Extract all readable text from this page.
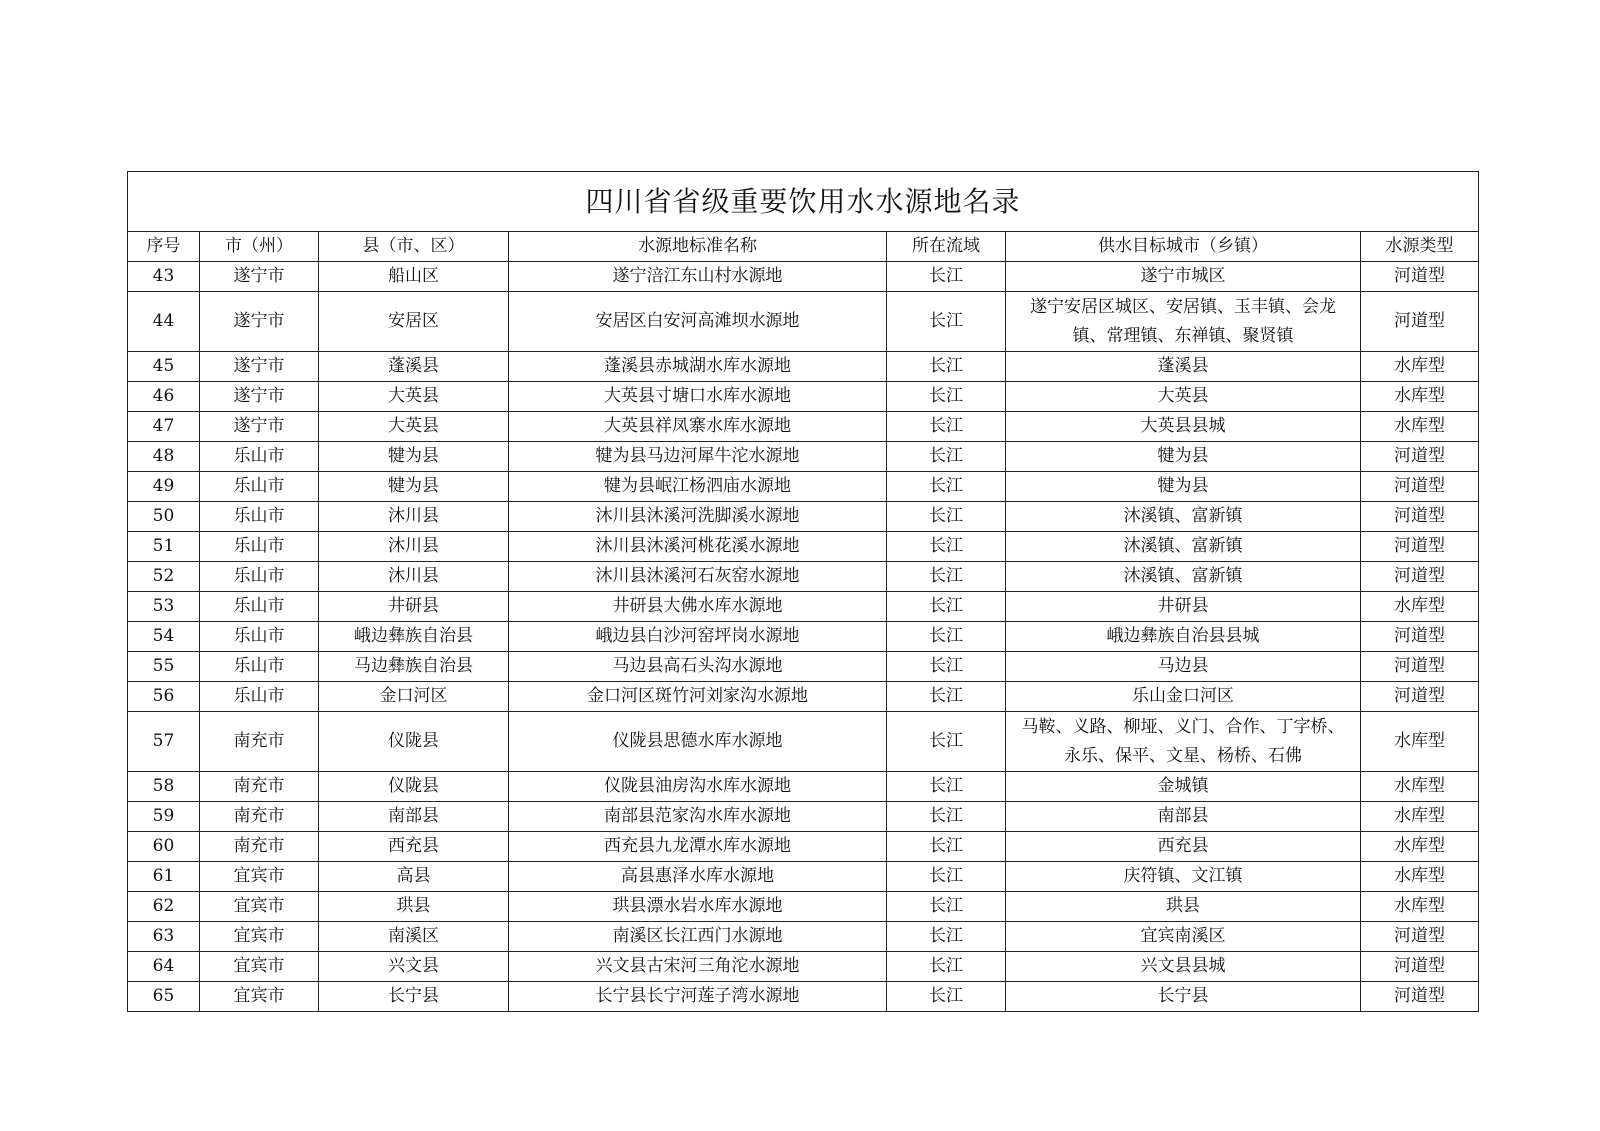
四川省省级重要饮用水水源地名录						
序号	市（州）	县（市、区）	水源地标准名称	所在流域	供水目标城市（乡镇）	水源类型
43	遂宁市	船山区	遂宁涪江东山村水源地	长江	遂宁市城区	河道型
44	遂宁市	安居区	安居区白安河高滩坝水源地	长江	遂宁安居区城区、安居镇、玉丰镇、会龙
镇、常理镇、东禅镇、聚贤镇	河道型
45	遂宁市	蓬溪县	蓬溪县赤城湖水库水源地	长江	蓬溪县	水库型
46	遂宁市	大英县	大英县寸塘口水库水源地	长江	大英县	水库型
47	遂宁市	大英县	大英县祥凤寨水库水源地	长江	大英县县城	水库型
48	乐山市	犍为县	犍为县马边河犀牛沱水源地	长江	犍为县	河道型
49	乐山市	犍为县	犍为县岷江杨泗庙水源地	长江	犍为县	河道型
50	乐山市	沐川县	沐川县沐溪河洗脚溪水源地	长江	沐溪镇、富新镇	河道型
51	乐山市	沐川县	沐川县沐溪河桃花溪水源地	长江	沐溪镇、富新镇	河道型
52	乐山市	沐川县	沐川县沐溪河石灰窑水源地	长江	沐溪镇、富新镇	河道型
53	乐山市	井研县	井研县大佛水库水源地	长江	井研县	水库型
54	乐山市	峨边彝族自治县	峨边县白沙河窑坪岗水源地	长江	峨边彝族自治县县城	河道型
55	乐山市	马边彝族自治县	马边县高石头沟水源地	长江	马边县	河道型
56	乐山市	金口河区	金口河区斑竹河刘家沟水源地	长江	乐山金口河区	河道型
57	南充市	仪陇县	仪陇县思德水库水源地	长江	马鞍、义路、柳垭、义门、合作、丁字桥、
永乐、保平、文星、杨桥、石佛	水库型
58	南充市	仪陇县	仪陇县油房沟水库水源地	长江	金城镇	水库型
59	南充市	南部县	南部县范家沟水库水源地	长江	南部县	水库型
60	南充市	西充县	西充县九龙潭水库水源地	长江	西充县	水库型
61	宜宾市	高县	高县惠泽水库水源地	长江	庆符镇、文江镇	水库型
62	宜宾市	珙县	珙县漂水岩水库水源地	长江	珙县	水库型
63	宜宾市	南溪区	南溪区长江西门水源地	长江	宜宾南溪区	河道型
64	宜宾市	兴文县	兴文县古宋河三角沱水源地	长江	兴文县县城	河道型
65	宜宾市	长宁县	长宁县长宁河莲子湾水源地	长江	长宁县	河道型
